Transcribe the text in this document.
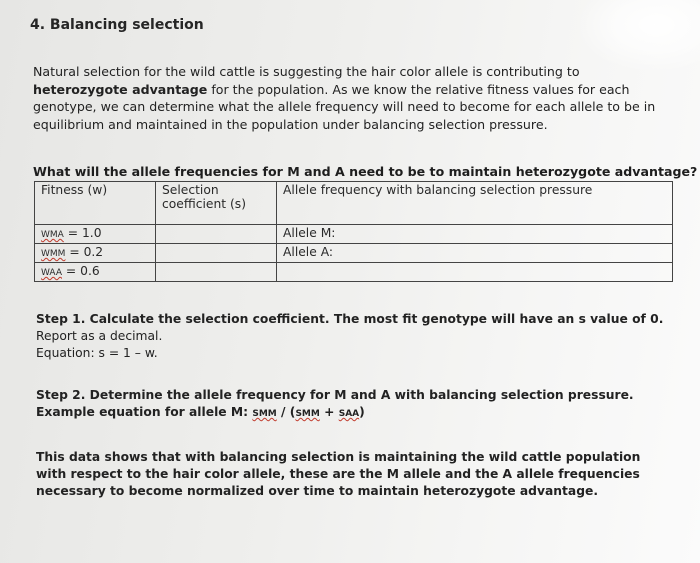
4. Balancing selection
Natural selection for the wild cattle is suggesting the hair color allele is contributing to heterozygote advantage for the population. As we know the relative fitness values for each genotype, we can determine what the allele frequency will need to become for each allele to be in equilibrium and maintained in the population under balancing selection pressure.
What will the allele frequencies for M and A need to be to maintain heterozygote advantage?
Fitness (w)	Selection coefficient (s)	Allele frequency with balancing selection pressure
WMA = 1.0		Allele M:
WMM = 0.2		Allele A:
WAA = 0.6		
Step 1. Calculate the selection coefficient. The most fit genotype will have an s value of 0.
Report as a decimal.
Equation: s = 1 – w.
Step 2. Determine the allele frequency for M and A with balancing selection pressure.
Example equation for allele M: SMM / (SMM + SAA)
This data shows that with balancing selection is maintaining the wild cattle population with respect to the hair color allele, these are the M allele and the A allele frequencies necessary to become normalized over time to maintain heterozygote advantage.
